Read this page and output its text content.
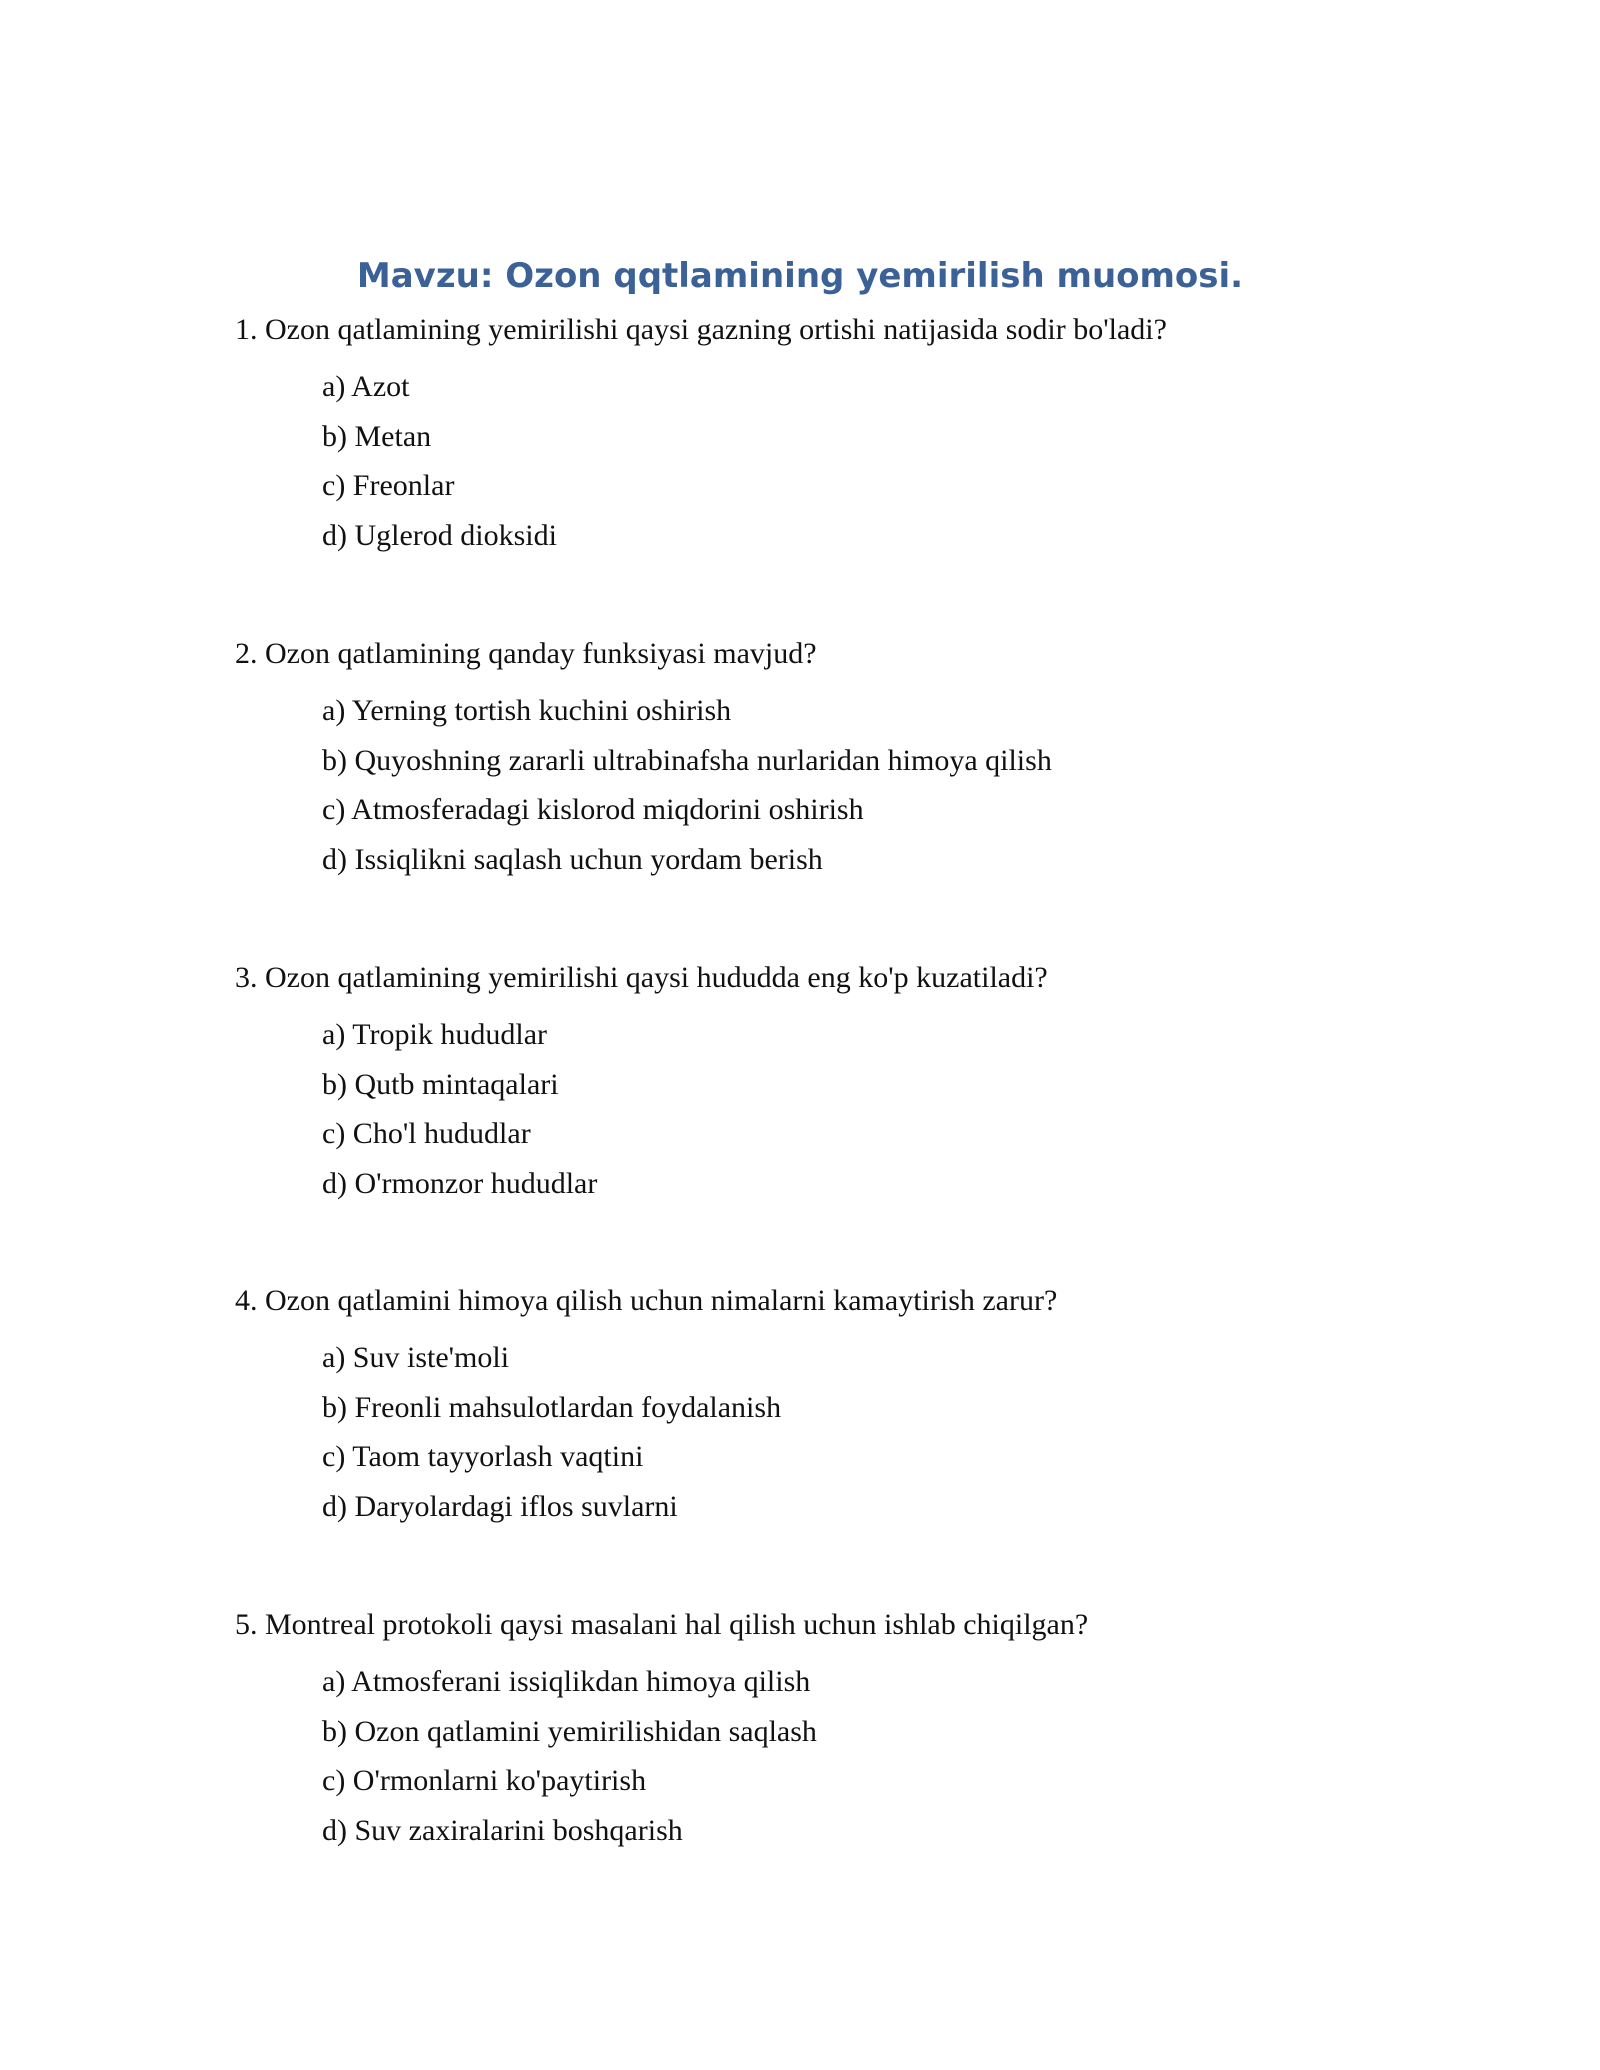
Mavzu: Ozon qqtlamining yemirilish muomosi.

1. Ozon qatlamining yemirilishi qaysi gazning ortishi natijasida sodir bo'ladi?

a) Azot
b) Metan
c) Freonlar
d) Uglerod dioksidi

2. Ozon qatlamining qanday funksiyasi mavjud?

a) Yerning tortish kuchini oshirish
b) Quyoshning zararli ultrabinafsha nurlaridan himoya qilish
c) Atmosferadagi kislorod miqdorini oshirish
d) Issiqlikni saqlash uchun yordam berish

3. Ozon qatlamining yemirilishi qaysi hududda eng ko'p kuzatiladi?

a) Tropik hududlar
b) Qutb mintaqalari
c) Cho'l hududlar
d) O'rmonzor hududlar

4. Ozon qatlamini himoya qilish uchun nimalarni kamaytirish zarur?

a) Suv iste'moli
b) Freonli mahsulotlardan foydalanish
c) Taom tayyorlash vaqtini
d) Daryolardagi iflos suvlarni

5. Montreal protokoli qaysi masalani hal qilish uchun ishlab chiqilgan?

a) Atmosferani issiqlikdan himoya qilish
b) Ozon qatlamini yemirilishidan saqlash
c) O'rmonlarni ko'paytirish
d) Suv zaxiralarini boshqarish
